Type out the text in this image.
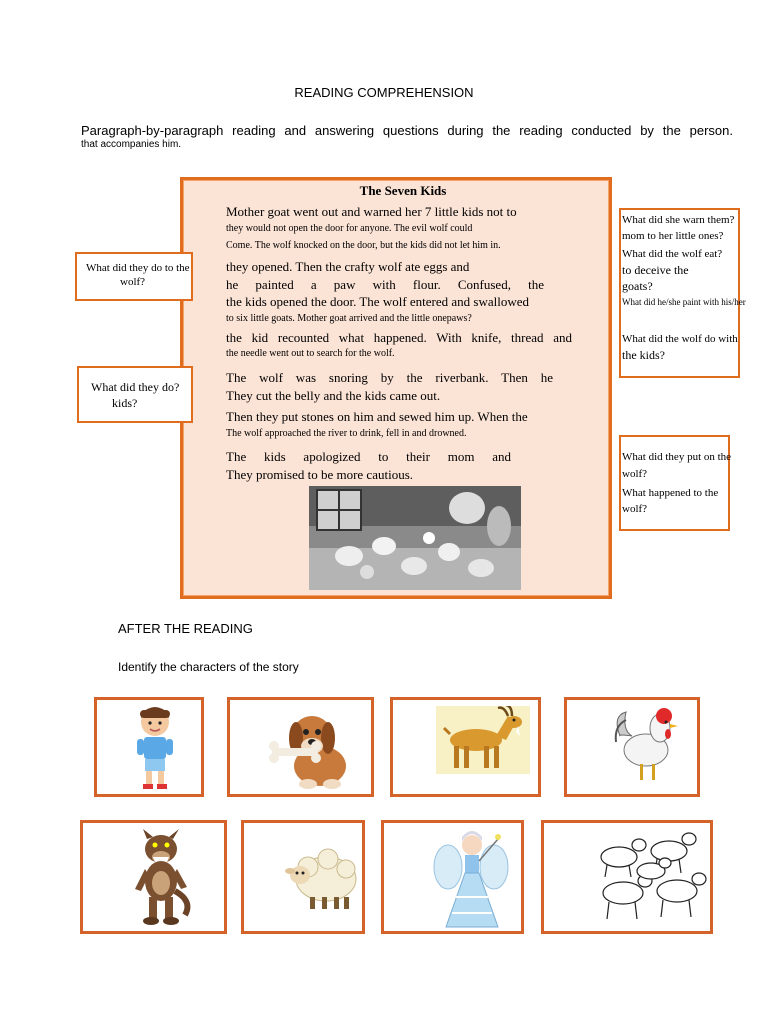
READING COMPREHENSION
Paragraph-by-paragraph reading and answering questions during the reading conducted by the person.
that accompanies him.
The Seven Kids
Mother goat went out and warned her 7 little kids not to
they would not open the door for anyone. The evil wolf could
Come. The wolf knocked on the door, but the kids did not let him in.
they opened. Then the crafty wolf ate eggs and
he painted a paw with flour. Confused, the
the kids opened the door. The wolf entered and swallowed
to six little goats. Mother goat arrived and the little onepaws?
the kid recounted what happened. With knife, thread and
the needle went out to search for the wolf.
The wolf was snoring by the riverbank. Then he
They cut the belly and the kids came out.
Then they put stones on him and sewed him up. When the
The wolf approached the river to drink, fell in and drowned.
The kids apologized to their mom and
They promised to be more cautious.
What did they do to the
wolf?
What did they do?
kids?
What did she warn them?
mom to her little ones?
What did the wolf eat?
to deceive the
goats?
What did he/she paint with his/her
What did the wolf do with
the kids?
What did they put on the
wolf?
What happened to the
wolf?
AFTER THE READING
Identify the characters of the story
